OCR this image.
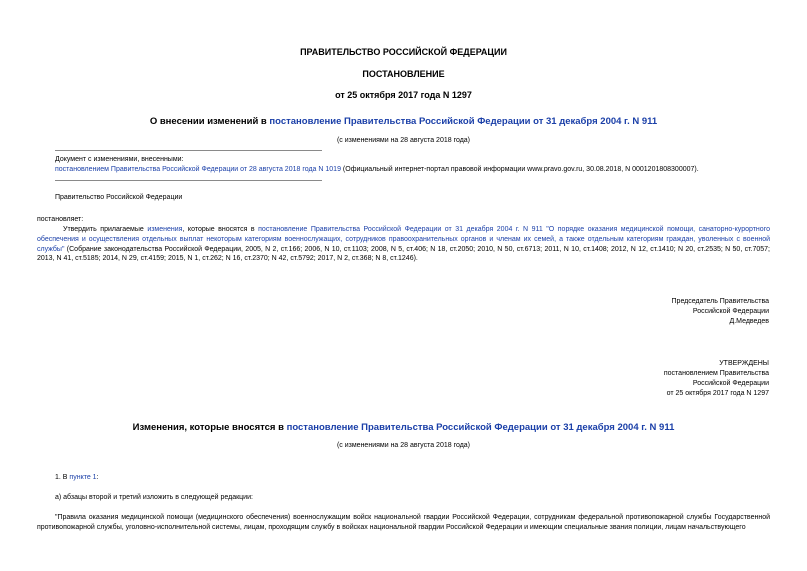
ПРАВИТЕЛЬСТВО РОССИЙСКОЙ ФЕДЕРАЦИИ
ПОСТАНОВЛЕНИЕ
от 25 октября 2017 года N 1297
О внесении изменений в постановление Правительства Российской Федерации от 31 декабря 2004 г. N 911
(с изменениями на 28 августа 2018 года)
Документ с изменениями, внесенными:
постановлением Правительства Российской Федерации от 28 августа 2018 года N 1019 (Официальный интернет-портал правовой информации www.pravo.gov.ru, 30.08.2018, N 0001201808300007).
Правительство Российской Федерации
постановляет:
Утвердить прилагаемые изменения, которые вносятся в постановление Правительства Российской Федерации от 31 декабря 2004 г. N 911 "О порядке оказания медицинской помощи, санаторно-курортного обеспечения и осуществления отдельных выплат некоторым категориям военнослужащих, сотрудников правоохранительных органов и членам их семей, а также отдельным категориям граждан, уволенных с военной службы" (Собрание законодательства Российской Федерации, 2005, N 2, ст.166; 2006, N 10, ст.1103; 2008, N 5, ст.406; N 18, ст.2050; 2010, N 50, ст.6713; 2011, N 10, ст.1408; 2012, N 12, ст.1410; N 20, ст.2535; N 50, ст.7057; 2013, N 41, ст.5185; 2014, N 29, ст.4159; 2015, N 1, ст.262; N 16, ст.2370; N 42, ст.5792; 2017, N 2, ст.368; N 8, ст.1246).
Председатель Правительства
Российской Федерации
Д.Медведев
УТВЕРЖДЕНЫ
постановлением Правительства
Российской Федерации
от 25 октября 2017 года N 1297
Изменения, которые вносятся в постановление Правительства Российской Федерации от 31 декабря 2004 г. N 911
(с изменениями на 28 августа 2018 года)
1. В пункте 1:
а) абзацы второй и третий изложить в следующей редакции:
"Правила оказания медицинской помощи (медицинского обеспечения) военнослужащим войск национальной гвардии Российской Федерации, сотрудникам федеральной противопожарной службы Государственной противопожарной службы, уголовно-исполнительной системы, лицам, проходящим службу в войсках национальной гвардии Российской Федерации и имеющим специальные звания полиции, лицам начальствующего
